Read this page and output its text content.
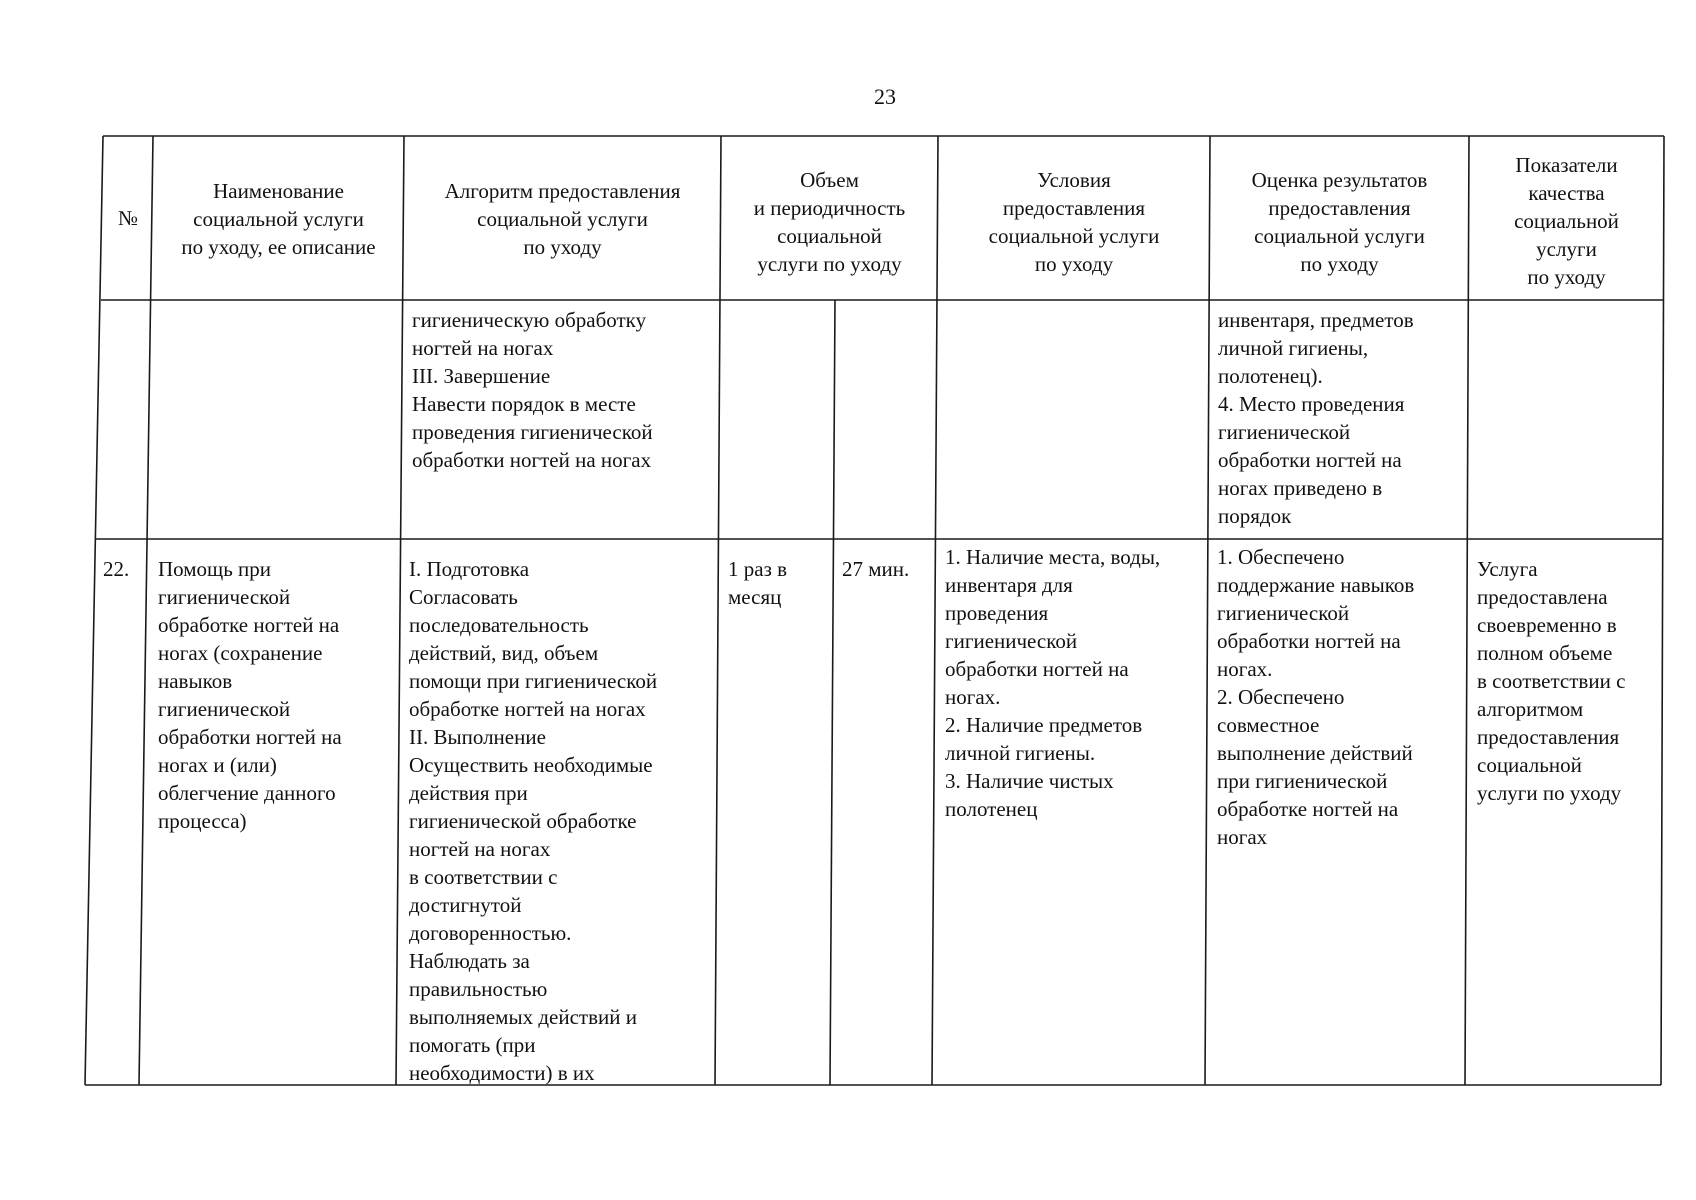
23
№
Наименование
социальной услуги
по уходу, ее описание
Алгоритм предоставления
социальной услуги
по уходу
Объем
и периодичность
социальной
услуги по уходу
Условия
предоставления
социальной услуги
по уходу
Оценка результатов
предоставления
социальной услуги
по уходу
Показатели
качества
социальной
услуги
по уходу
гигиеническую обработку
ногтей на ногах
III. Завершение
Навести порядок в месте
проведения гигиенической
обработки ногтей на ногах
инвентаря, предметов
личной гигиены,
полотенец).
4. Место проведения
гигиенической
обработки ногтей на
ногах приведено в
порядок
22.	Помощь при
гигиенической
обработке ногтей на
ногах (сохранение
навыков
гигиенической
обработки ногтей на
ногах и (или)
облегчение данного
процесса)
I. Подготовка
Согласовать
последовательность
действий, вид, объем
помощи при гигиенической
обработке ногтей на ногах
II. Выполнение
Осуществить необходимые
действия при
гигиенической обработке
ногтей на ногах
в соответствии с
достигнутой
договоренностью.
Наблюдать за
правильностью
выполняемых действий и
помогать (при
необходимости) в их
1 раз в
месяц
27 мин.	1. Наличие места, воды,
инвентаря для
проведения
гигиенической
обработки ногтей на
ногах.
2. Наличие предметов
личной гигиены.
3. Наличие чистых
полотенец
1. Обеспечено
поддержание навыков
гигиенической
обработки ногтей на
ногах.
2. Обеспечено
совместное
выполнение действий
при гигиенической
обработке ногтей на
ногах
Услуга
предоставлена
своевременно в
полном объеме
в соответствии с
алгоритмом
предоставления
социальной
услуги по уходу
